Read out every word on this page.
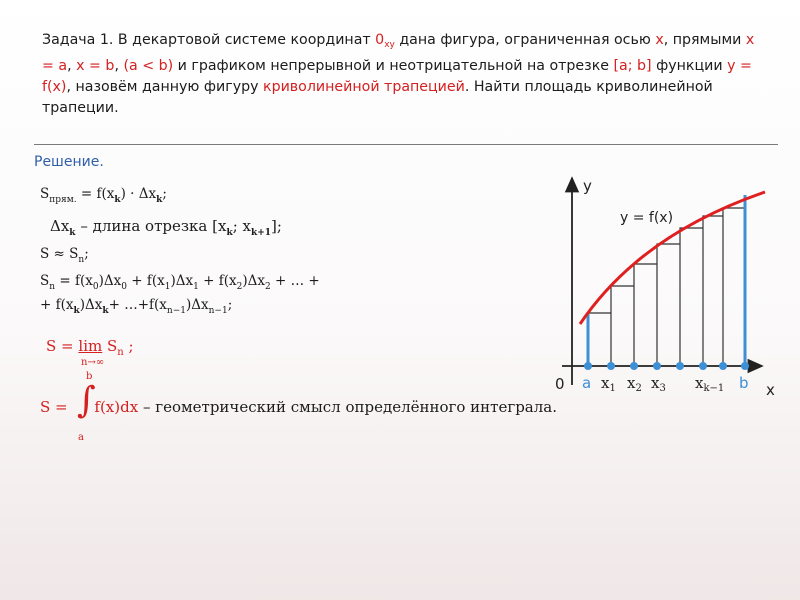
Задача 1. В декартовой системе координат $0_{xy}$ дана фигура, ограниченная осью x, прямыми x = a, x = b, (a < b) и графиком непрерывной и неотрицательной на отрезке [a; b] функции y = f(x), назовём данную фигуру криволинейной трапецией. Найти площадь криволинейной трапеции.
Решение.
$S_{прям.} = f(x_k) \cdot \Delta x_k$;
$\Delta x_k$ – длина отрезка [$x_k$; $x_{k+1}$];
$S \approx S_n$;
$S_n = f(x_0)\Delta x_0 + f(x_1)\Delta x_1 + f(x_2)\Delta x_2$ + … +
+ $f(x_k)\Delta x_k+$ $\dots+f(x_{n-1})\Delta x_{n-1}$;
$S = \lim S_n$ ;
n→∞
b
∫
a
S = f(x)dx – геометрический смысл определённого интеграла.
y
x
0
y = f(x)
a $x_1$ $x_2$ $x_3$ $x_{k-1}$ b
